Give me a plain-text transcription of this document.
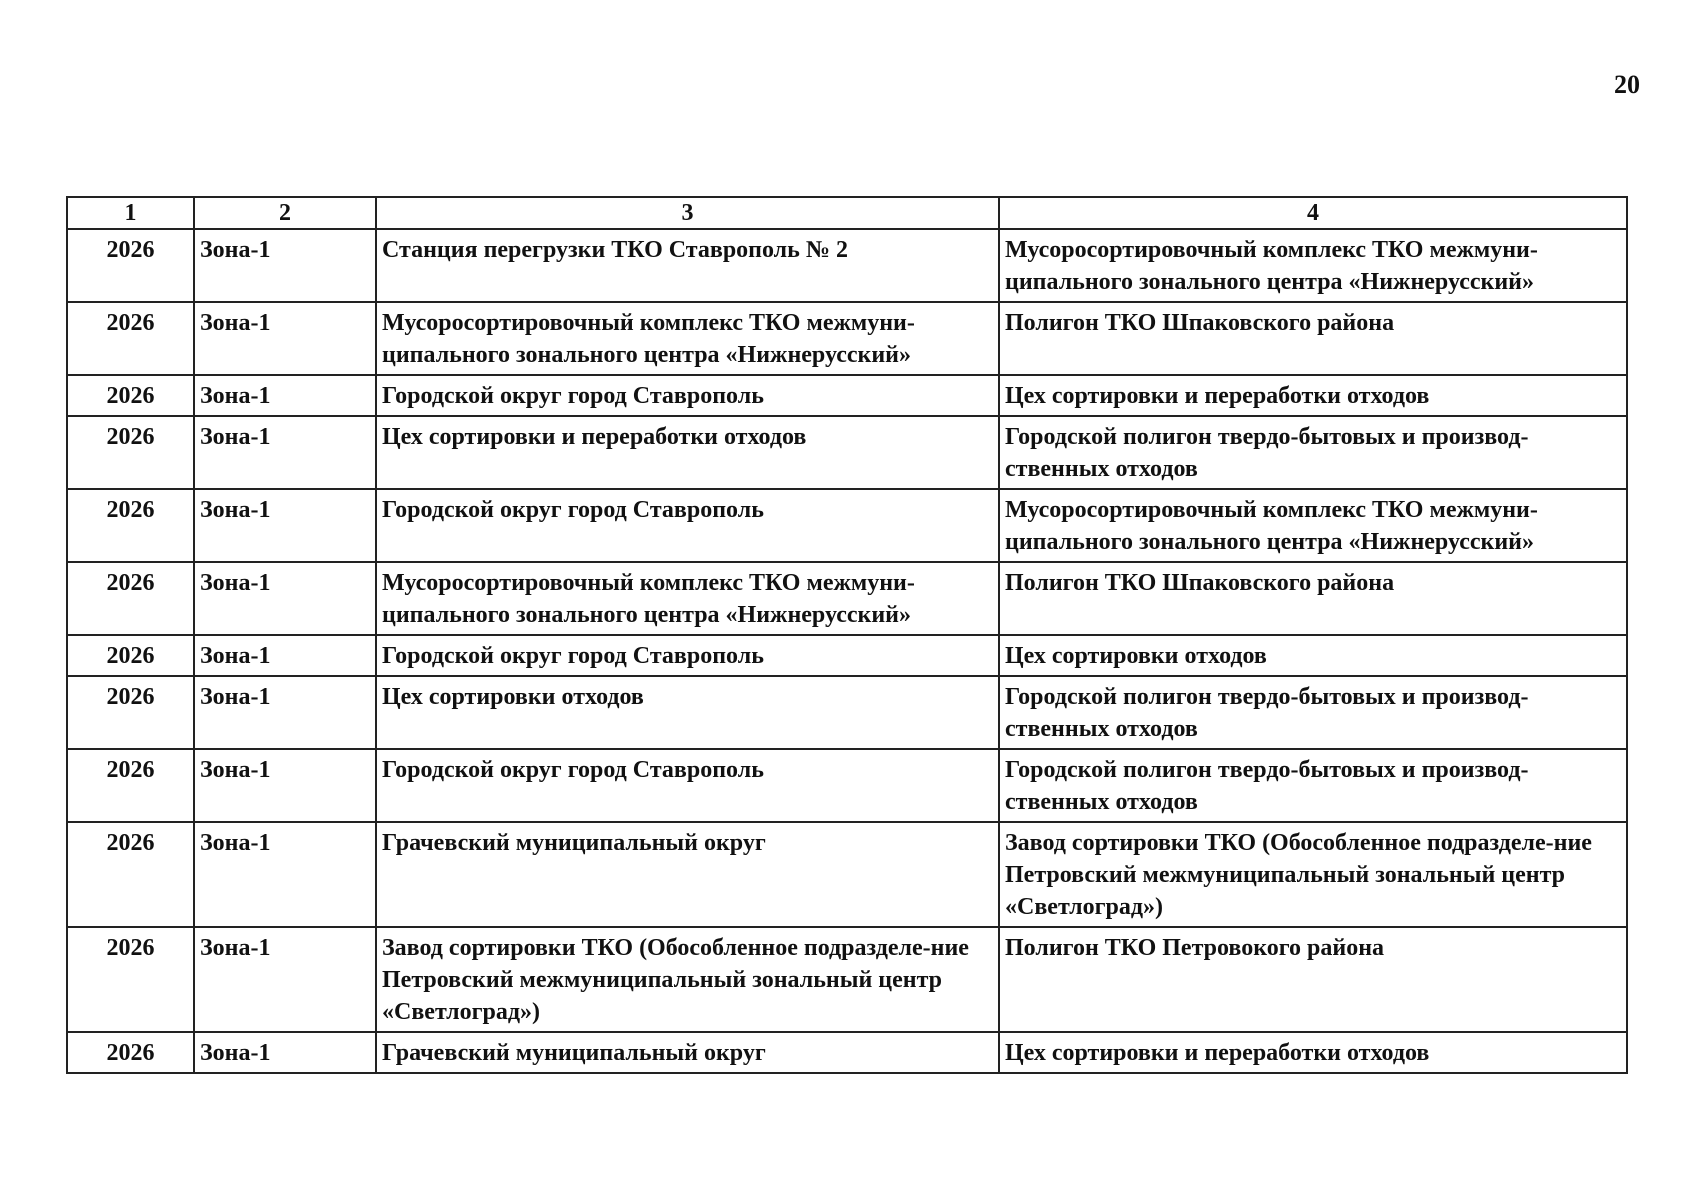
20
1	2	3	4
2026	Зона-1	Станция перегрузки ТКО Ставрополь № 2	Мусоросортировочный комплекс ТКО межмуни-ципального зонального центра «Нижнерусский»
2026	Зона-1	Мусоросортировочный комплекс ТКО межмуни-ципального зонального центра «Нижнерусский»	Полигон ТКО Шпаковского района
2026	Зона-1	Городской округ город Ставрополь	Цех сортировки и переработки отходов
2026	Зона-1	Цех сортировки и переработки отходов	Городской полигон твердо-бытовых и производ-ственных отходов
2026	Зона-1	Городской округ город Ставрополь	Мусоросортировочный комплекс ТКО межмуни-ципального зонального центра «Нижнерусский»
2026	Зона-1	Мусоросортировочный комплекс ТКО межмуни-ципального зонального центра «Нижнерусский»	Полигон ТКО Шпаковского района
2026	Зона-1	Городской округ город Ставрополь	Цех сортировки отходов
2026	Зона-1	Цех сортировки отходов	Городской полигон твердо-бытовых и производ-ственных отходов
2026	Зона-1	Городской округ город Ставрополь	Городской полигон твердо-бытовых и производ-ственных отходов
2026	Зона-1	Грачевский муниципальный округ	Завод сортировки ТКО (Обособленное подразделе-ние Петровский межмуниципальный зональный центр «Светлоград»)
2026	Зона-1	Завод сортировки ТКО (Обособленное подразделе-ние Петровский межмуниципальный зональный центр «Светлоград»)	Полигон ТКО Петровокого района
2026	Зона-1	Грачевский муниципальный округ	Цех сортировки и переработки отходов
